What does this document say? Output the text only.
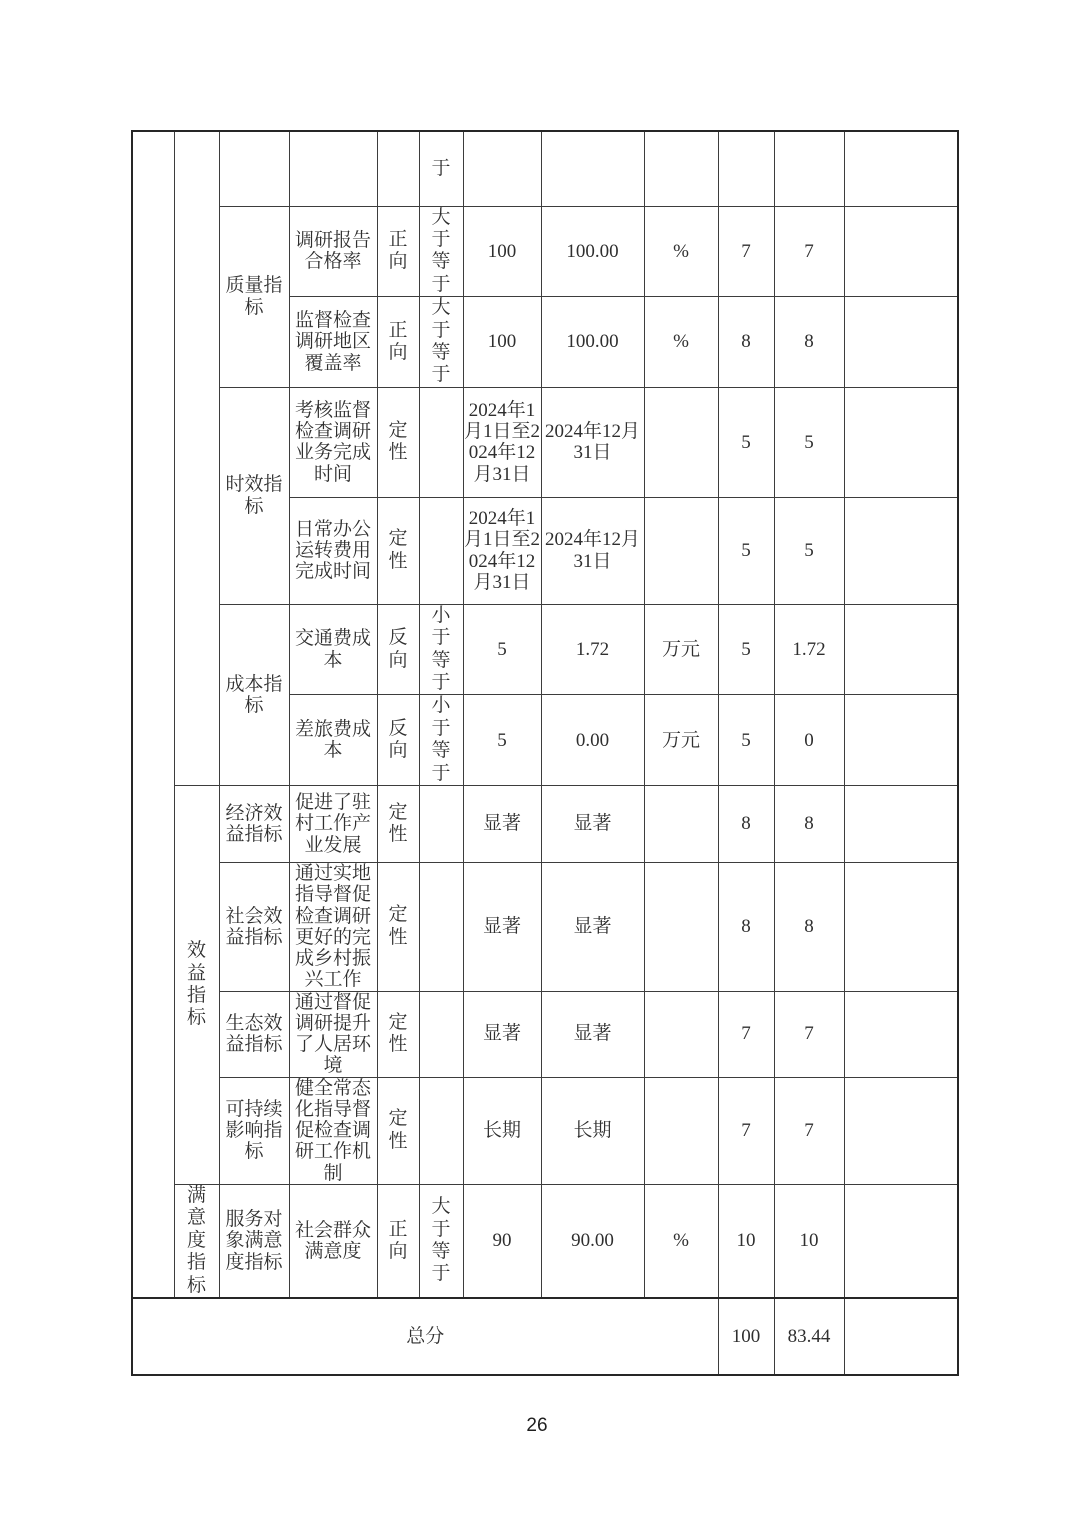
					于						
		质量指标	调研报告合格率	正向	大于等于	100	100.00	%	7	7	
			监督检查调研地区覆盖率	正向	大于等于	100	100.00	%	8	8	
		时效指标	考核监督检查调研业务完成时间	定性		2024年1月1日至2024年12月31日	2024年12月31日		5	5	
			日常办公运转费用完成时间	定性		2024年1月1日至2024年12月31日	2024年12月31日		5	5	
		成本指标	交通费成本	反向	小于等于	5	1.72	万元	5	1.72	
			差旅费成本	反向	小于等于	5	0.00	万元	5	0	
	效益指标	经济效益指标	促进了驻村工作产业发展	定性		显著	显著		8	8	
		社会效益指标	通过实地指导督促检查调研更好的完成乡村振兴工作	定性		显著	显著		8	8	
		生态效益指标	通过督促调研提升了人居环境	定性		显著	显著		7	7	
		可持续影响指标	健全常态化指导督促检查调研工作机制	定性		长期	长期		7	7	
	满意度指标	服务对象满意度指标	社会群众满意度	正向	大于等于	90	90.00	%	10	10	
总分									100	83.44	
26
